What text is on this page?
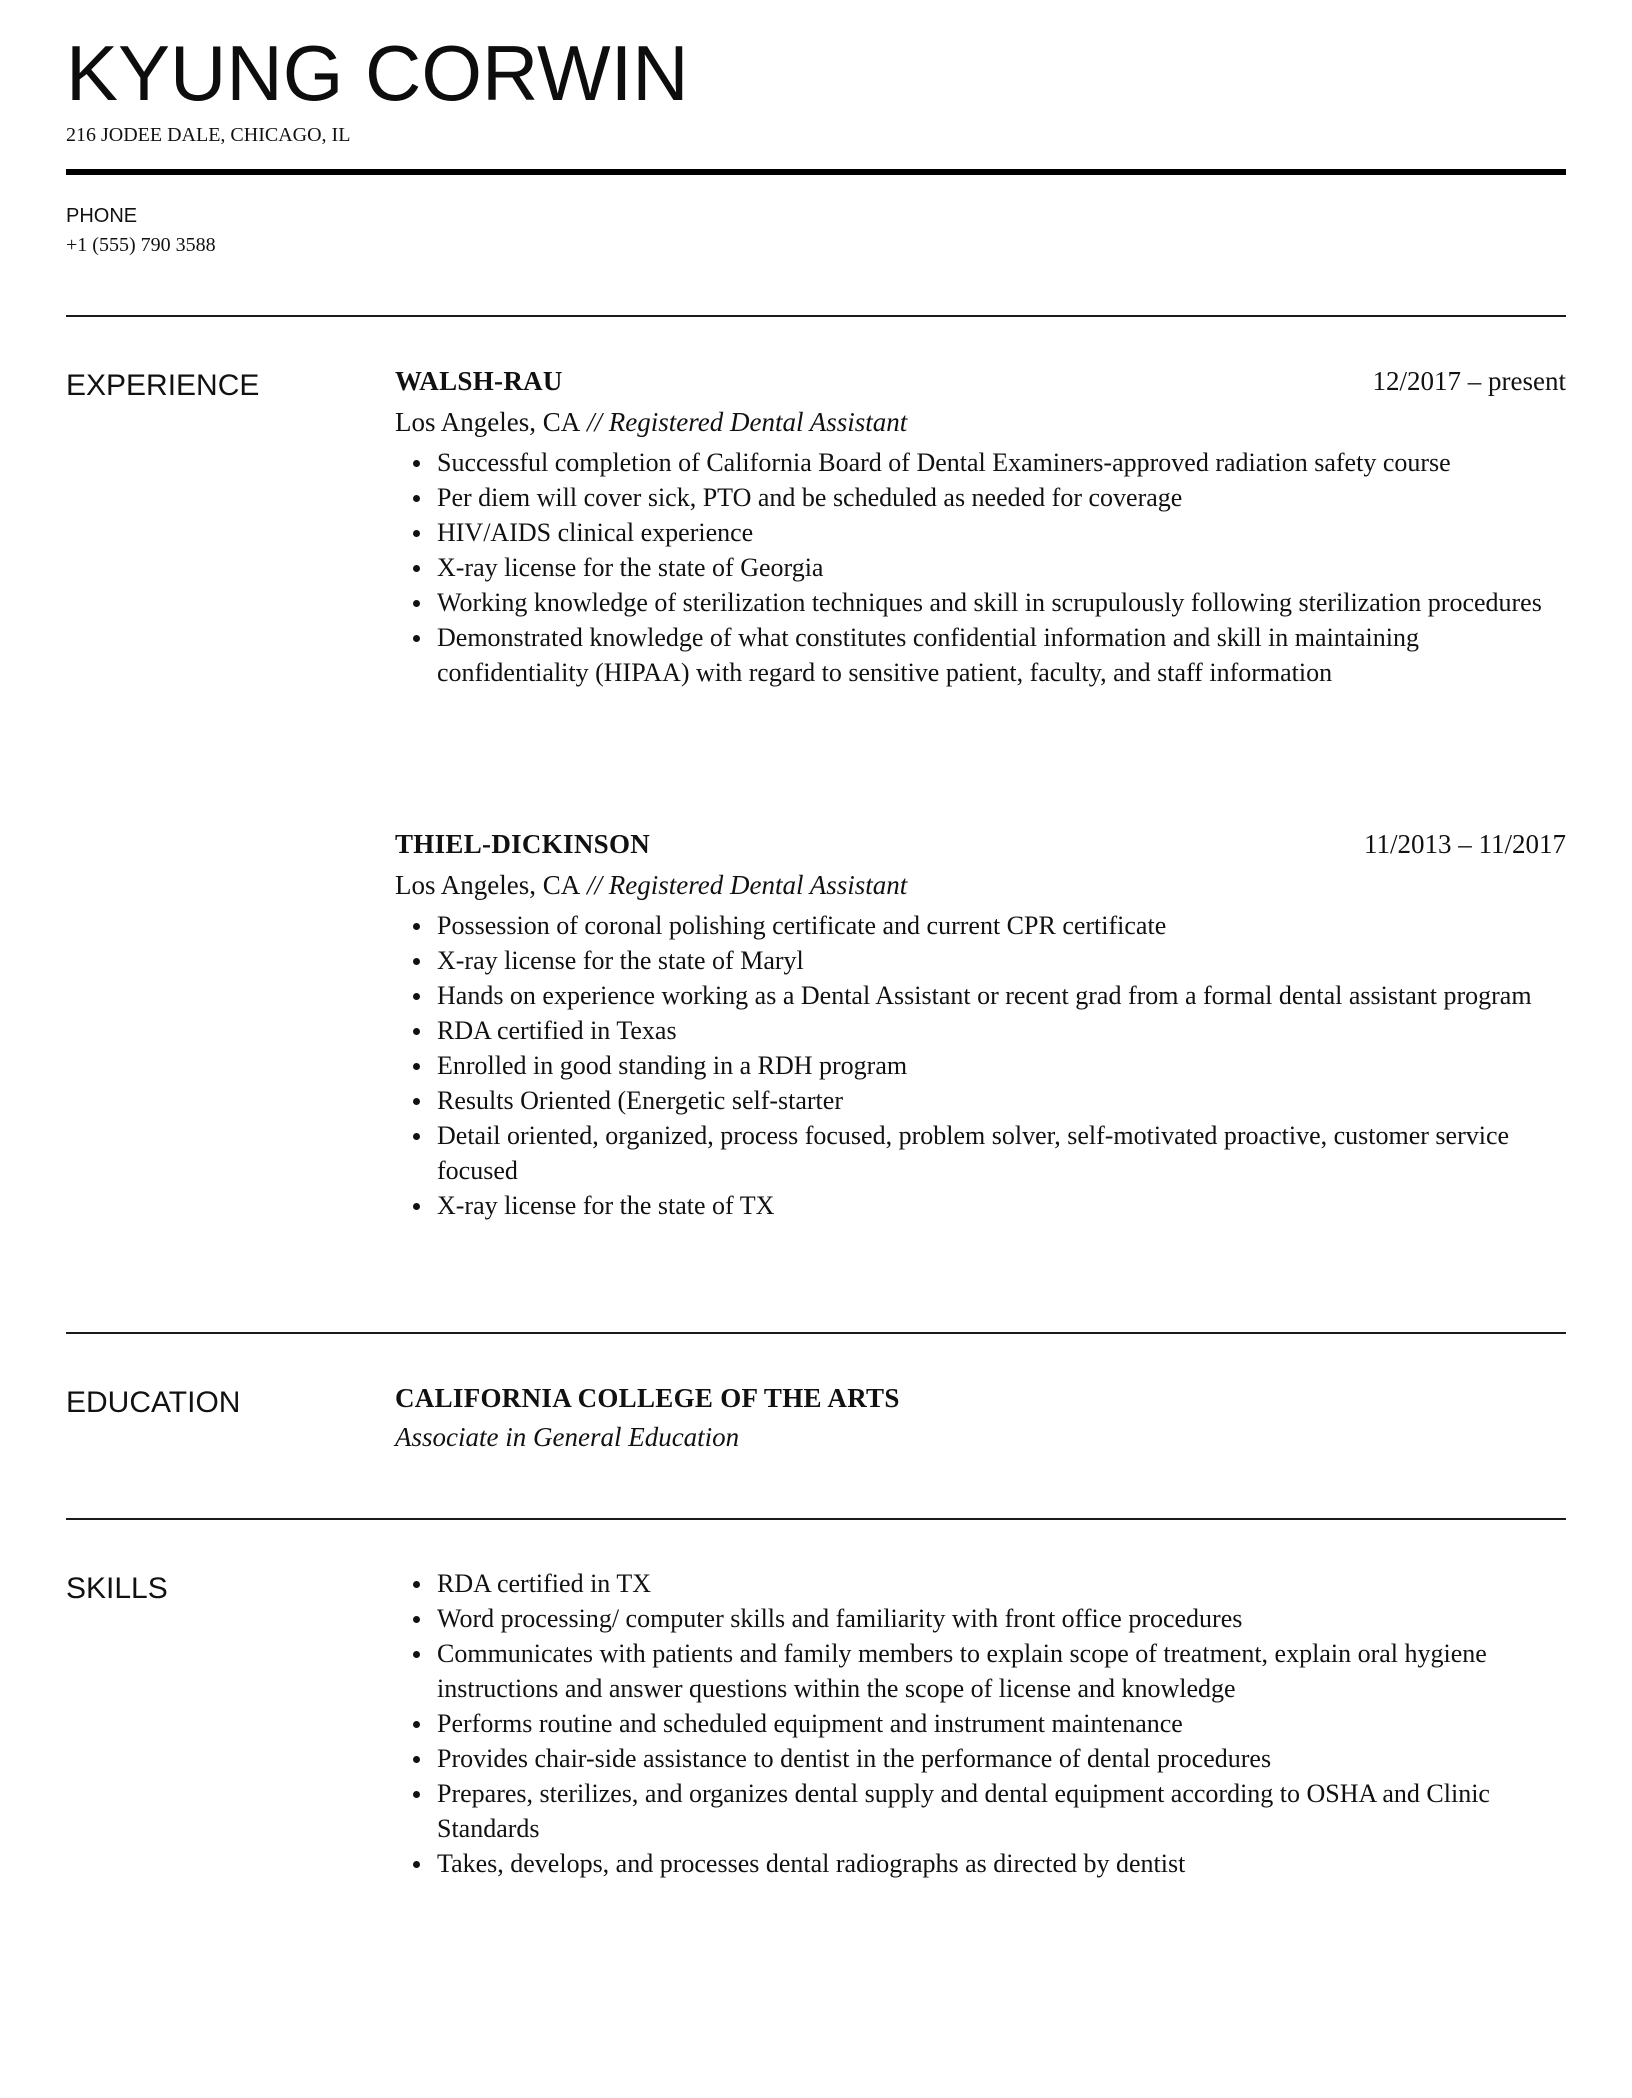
KYUNG CORWIN
216 JODEE DALE, CHICAGO, IL
PHONE
+1 (555) 790 3588
EXPERIENCE	WALSH-RAU	12/2017 – present
Los Angeles, CA // Registered Dental Assistant
Successful completion of California Board of Dental Examiners-approved radiation safety course
Per diem will cover sick, PTO and be scheduled as needed for coverage
HIV/AIDS clinical experience
X-ray license for the state of Georgia
Working knowledge of sterilization techniques and skill in scrupulously following sterilization procedures
Demonstrated knowledge of what constitutes confidential information and skill in maintaining confidentiality (HIPAA) with regard to sensitive patient, faculty, and staff information
THIEL-DICKINSON	11/2013 – 11/2017
Los Angeles, CA // Registered Dental Assistant
Possession of coronal polishing certificate and current CPR certificate
X-ray license for the state of Maryl
Hands on experience working as a Dental Assistant or recent grad from a formal dental assistant program
RDA certified in Texas
Enrolled in good standing in a RDH program
Results Oriented (Energetic self-starter
Detail oriented, organized, process focused, problem solver, self-motivated proactive, customer service focused
X-ray license for the state of TX
EDUCATION	CALIFORNIA COLLEGE OF THE ARTS
Associate in General Education
SKILLS	RDA certified in TX
Word processing/ computer skills and familiarity with front office procedures
Communicates with patients and family members to explain scope of treatment, explain oral hygiene instructions and answer questions within the scope of license and knowledge
Performs routine and scheduled equipment and instrument maintenance
Provides chair-side assistance to dentist in the performance of dental procedures
Prepares, sterilizes, and organizes dental supply and dental equipment according to OSHA and Clinic Standards
Takes, develops, and processes dental radiographs as directed by dentist
